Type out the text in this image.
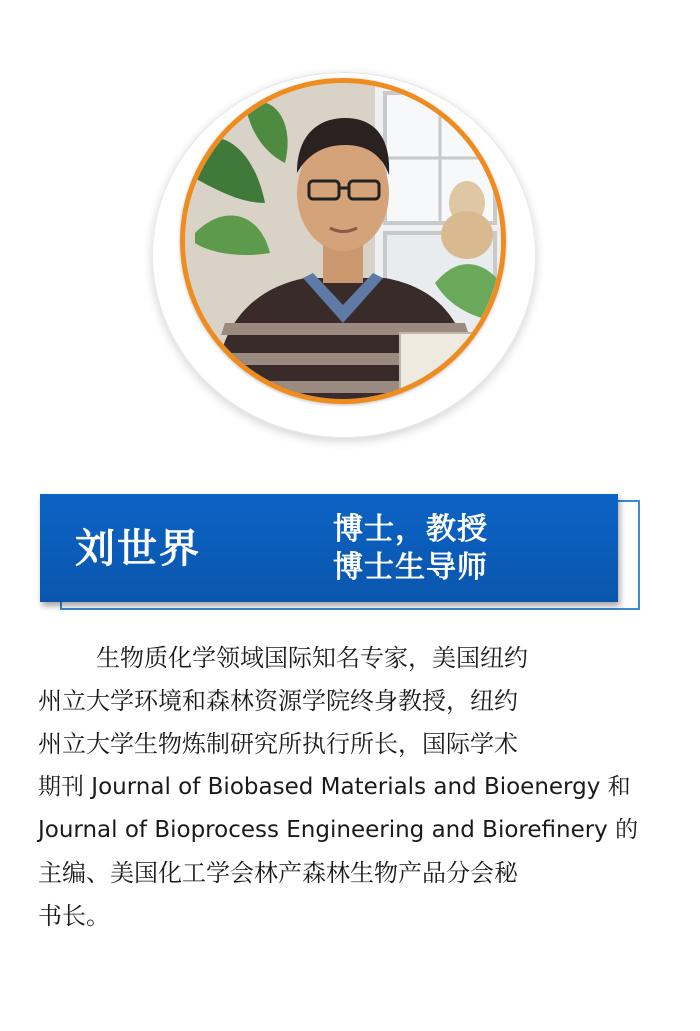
刘世界	博士，教授
博士生导师
生物质化学领域国际知名专家，美国纽约
州立大学环境和森林资源学院终身教授，纽约
州立大学生物炼制研究所执行所长，国际学术
期刊 Journal of Biobased Materials and Bioenergy 和
Journal of Bioprocess Engineering and Biorefinery 的
主编、美国化工学会林产森林生物产品分会秘
书长。
